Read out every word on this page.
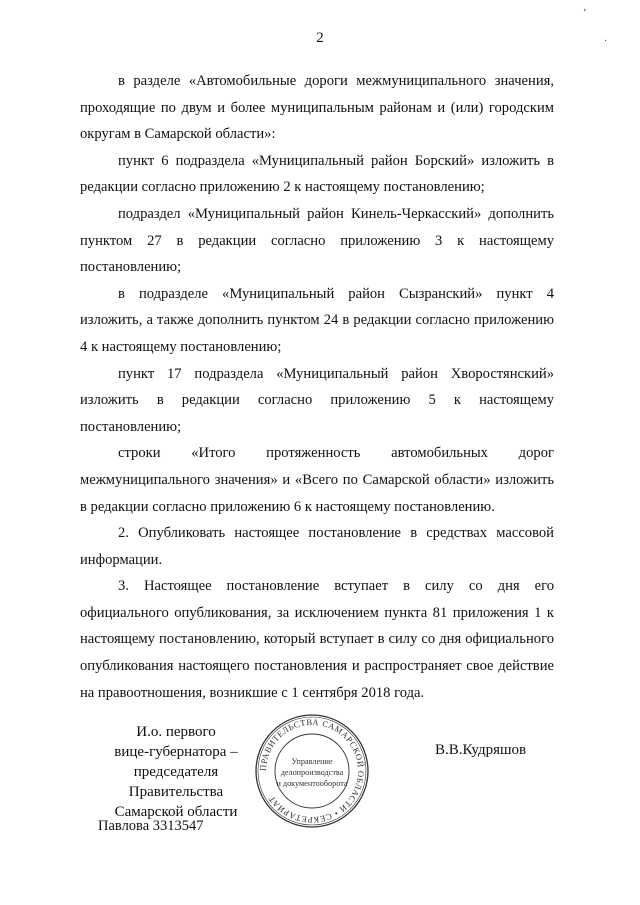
2

в разделе «Автомобильные дороги межмуниципального значения, проходящие по двум и более муниципальным районам и (или) городским округам в Самарской области»:

пункт 6 подраздела «Муниципальный район Борский» изложить в редакции согласно приложению 2 к настоящему постановлению;

подраздел «Муниципальный район Кинель-Черкасский» дополнить пунктом 27 в редакции согласно приложению 3 к настоящему постановлению;

в подразделе «Муниципальный район Сызранский» пункт 4 изложить, а также дополнить пунктом 24 в редакции согласно приложению 4 к настоящему постановлению;

пункт 17 подраздела «Муниципальный район Хворостянский» изложить в редакции согласно приложению 5 к настоящему постановлению;

строки «Итого протяженность автомобильных дорог межмуниципального значения» и «Всего по Самарской области» изложить в редакции согласно приложению 6 к настоящему постановлению.

2. Опубликовать настоящее постановление в средствах массовой информации.

3. Настоящее постановление вступает в силу со дня его официального опубликования, за исключением пункта 81 приложения 1 к настоящему постановлению, который вступает в силу со дня официального опубликования настоящего постановления и распространяет свое действие на правоотношения, возникшие с 1 сентября 2018 года.

И.о. первого
вице-губернатора –
председателя Правительства
Самарской области
ПРАВИТЕЛЬСТВА САМАРСКОЙ ОБЛАСТИ • СЕКРЕТАРИАТ
Управление
делопроизводства
и документооборота
В.В.Кудряшов
Павлова 3313547
ʼ
·
